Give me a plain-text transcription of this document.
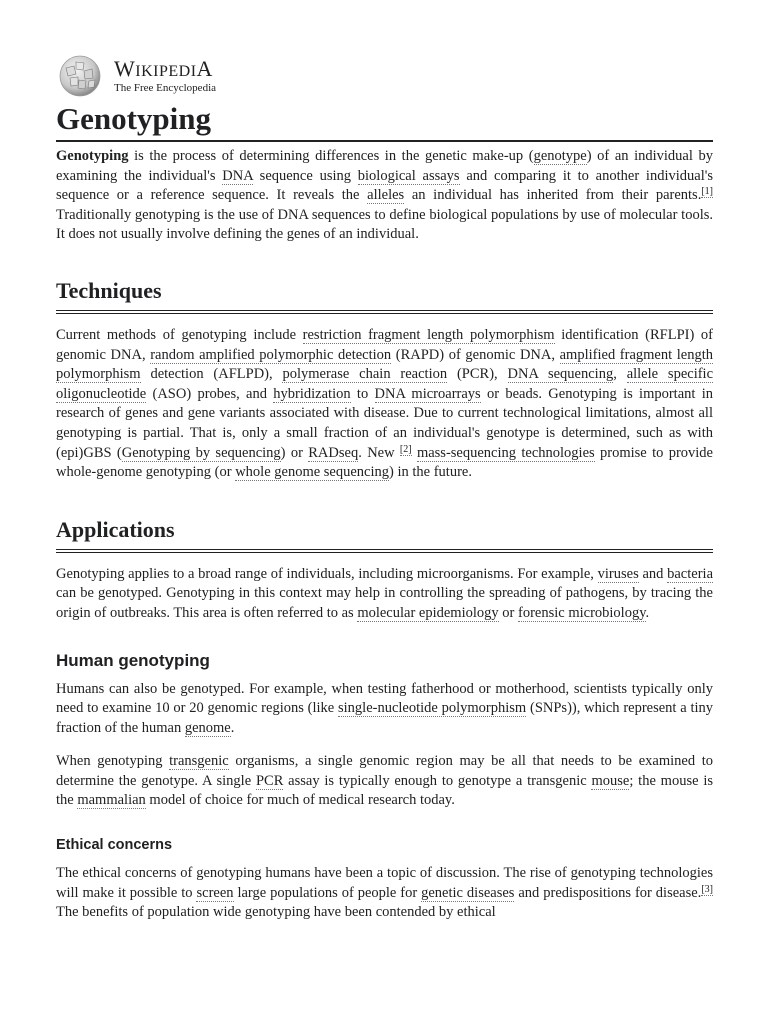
WIKIPEDIA
The Free Encyclopedia
Genotyping

Genotyping is the process of determining differences in the genetic make-up (genotype) of an individual by examining the individual's DNA sequence using biological assays and comparing it to another individual's sequence or a reference sequence. It reveals the alleles an individual has inherited from their parents.[1] Traditionally genotyping is the use of DNA sequences to define biological populations by use of molecular tools. It does not usually involve defining the genes of an individual.

Techniques

Current methods of genotyping include restriction fragment length polymorphism identification (RFLPI) of genomic DNA, random amplified polymorphic detection (RAPD) of genomic DNA, amplified fragment length polymorphism detection (AFLPD), polymerase chain reaction (PCR), DNA sequencing, allele specific oligonucleotide (ASO) probes, and hybridization to DNA microarrays or beads. Genotyping is important in research of genes and gene variants associated with disease. Due to current technological limitations, almost all genotyping is partial. That is, only a small fraction of an individual's genotype is determined, such as with (epi)GBS (Genotyping by sequencing) or RADseq. New [2] mass-sequencing technologies promise to provide whole-genome genotyping (or whole genome sequencing) in the future.

Applications

Genotyping applies to a broad range of individuals, including microorganisms. For example, viruses and bacteria can be genotyped. Genotyping in this context may help in controlling the spreading of pathogens, by tracing the origin of outbreaks. This area is often referred to as molecular epidemiology or forensic microbiology.

Human genotyping

Humans can also be genotyped. For example, when testing fatherhood or motherhood, scientists typically only need to examine 10 or 20 genomic regions (like single-nucleotide polymorphism (SNPs)), which represent a tiny fraction of the human genome.

When genotyping transgenic organisms, a single genomic region may be all that needs to be examined to determine the genotype. A single PCR assay is typically enough to genotype a transgenic mouse; the mouse is the mammalian model of choice for much of medical research today.

Ethical concerns

The ethical concerns of genotyping humans have been a topic of discussion. The rise of genotyping technologies will make it possible to screen large populations of people for genetic diseases and predispositions for disease.[3] The benefits of population wide genotyping have been contended by ethical
